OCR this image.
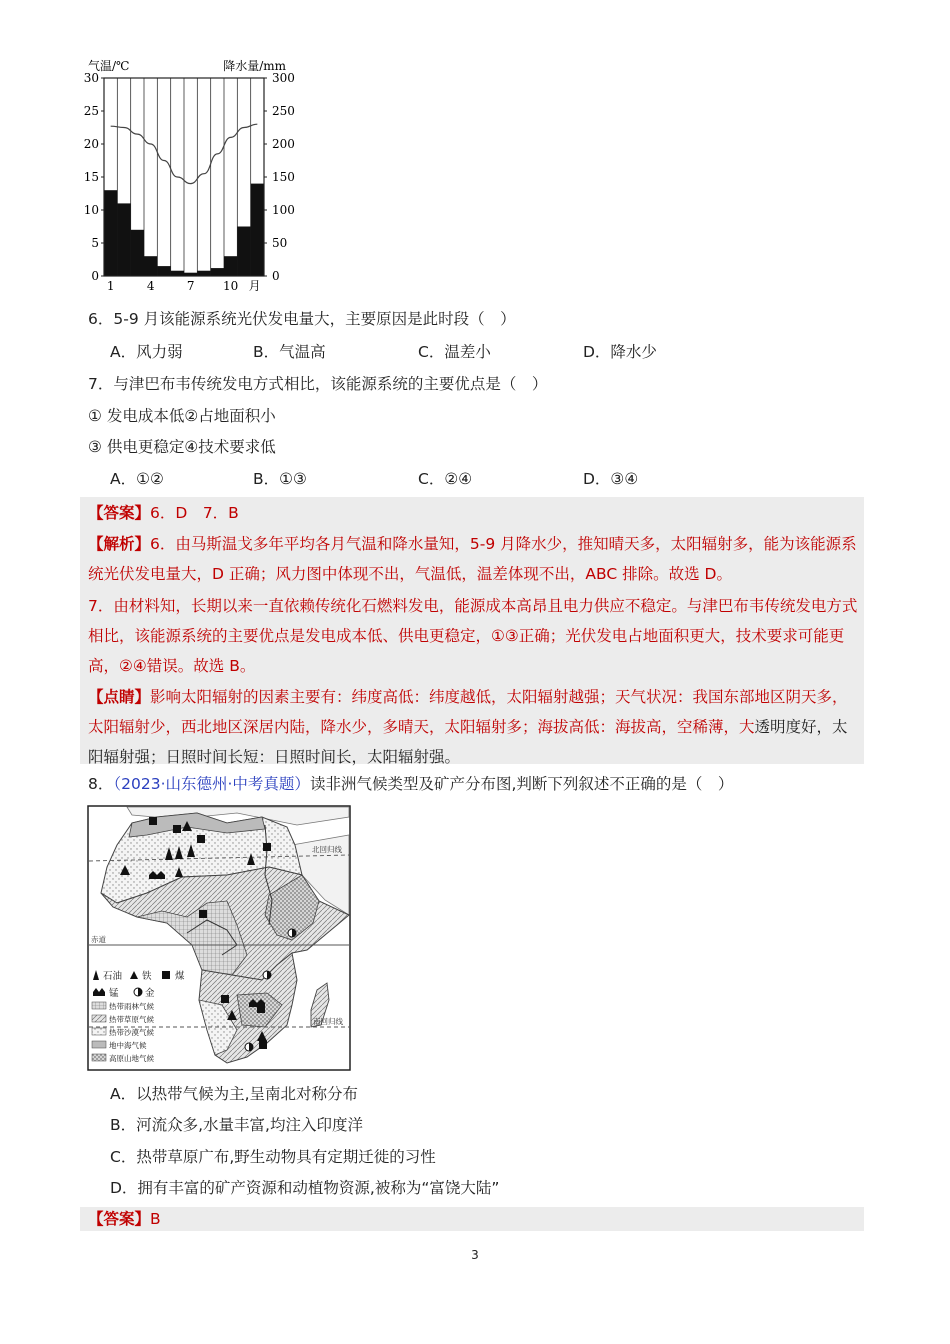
气温/℃	降水量/mm
30
25
20
15
10
5
0
300
250
200
150
100
50
0
1	4	7 10 月
6．5-9 月该能源系统光伏发电量大，主要原因是此时段（　）
A．风力弱	B．气温高	C．温差小	D．降水少
7．与津巴布韦传统发电方式相比，该能源系统的主要优点是（　）
① 发电成本低②占地面积小
③ 供电更稳定④技术要求低
A．①②	B．①③	C．②④	D．③④
【答案】6．D　7．B
【解析】6．由马斯温戈多年平均各月气温和降水量知，5-9 月降水少，推知晴天多，太阳辐射多，能为该能源系统光伏发电量大，D 正确；风力图中体现不出，气温低，温差体现不出，ABC 排除。故选 D。
7．由材料知，长期以来一直依赖传统化石燃料发电，能源成本高昂且电力供应不稳定。与津巴布韦传统发电方式相比，该能源系统的主要优点是发电成本低、供电更稳定，①③正确；光伏发电占地面积更大，技术要求可能更高，②④错误。故选 B。
【点睛】影响太阳辐射的因素主要有：纬度高低：纬度越低，太阳辐射越强；天气状况：我国东部地区阴天多，太阳辐射少，西北地区深居内陆，降水少，多晴天，太阳辐射多；海拔高低：海拔高，空稀薄，大透明度好，太阳辐射强；日照时间长短：日照时间长，太阳辐射强。
8．（2023·山东德州·中考真题）读非洲气候类型及矿产分布图,判断下列叙述不正确的是（　）
北回归线
赤道
南回归线
石油 铁 煤
锰	金
热带雨林气候
热带草原气候
热带沙漠气候
地中海气候
高原山地气候
A．以热带气候为主,呈南北对称分布
B．河流众多,水量丰富,均注入印度洋
C．热带草原广布,野生动物具有定期迁徙的习性
D．拥有丰富的矿产资源和动植物资源,被称为“富饶大陆”
【答案】B
3
